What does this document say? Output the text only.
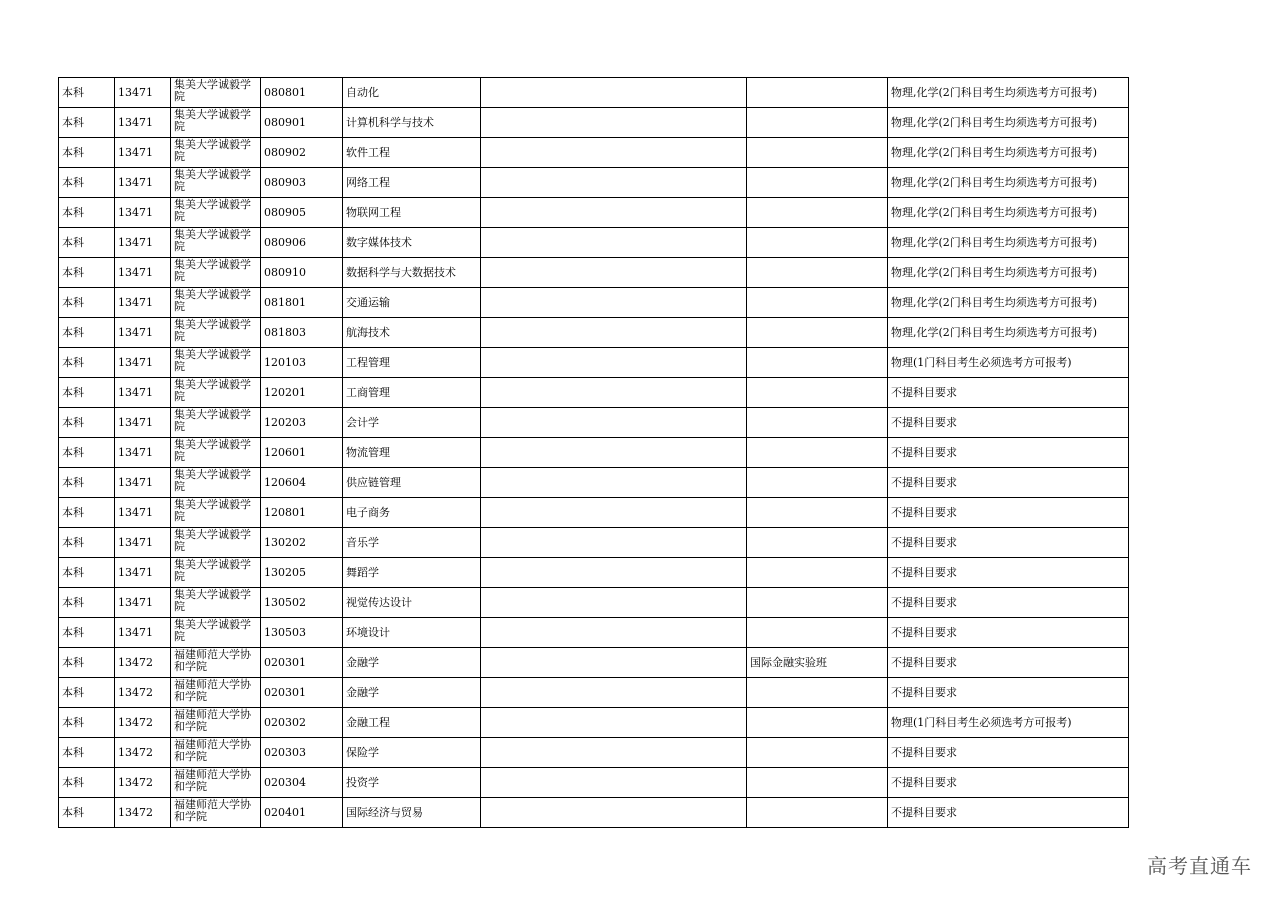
本科	13471	集美大学诚毅学院	080801	自动化			物理,化学(2门科目考生均须选考方可报考)
本科	13471	集美大学诚毅学院	080901	计算机科学与技术			物理,化学(2门科目考生均须选考方可报考)
本科	13471	集美大学诚毅学院	080902	软件工程			物理,化学(2门科目考生均须选考方可报考)
本科	13471	集美大学诚毅学院	080903	网络工程			物理,化学(2门科目考生均须选考方可报考)
本科	13471	集美大学诚毅学院	080905	物联网工程			物理,化学(2门科目考生均须选考方可报考)
本科	13471	集美大学诚毅学院	080906	数字媒体技术			物理,化学(2门科目考生均须选考方可报考)
本科	13471	集美大学诚毅学院	080910	数据科学与大数据技术			物理,化学(2门科目考生均须选考方可报考)
本科	13471	集美大学诚毅学院	081801	交通运输			物理,化学(2门科目考生均须选考方可报考)
本科	13471	集美大学诚毅学院	081803	航海技术			物理,化学(2门科目考生均须选考方可报考)
本科	13471	集美大学诚毅学院	120103	工程管理			物理(1门科目考生必须选考方可报考)
本科	13471	集美大学诚毅学院	120201	工商管理			不提科目要求
本科	13471	集美大学诚毅学院	120203	会计学			不提科目要求
本科	13471	集美大学诚毅学院	120601	物流管理			不提科目要求
本科	13471	集美大学诚毅学院	120604	供应链管理			不提科目要求
本科	13471	集美大学诚毅学院	120801	电子商务			不提科目要求
本科	13471	集美大学诚毅学院	130202	音乐学			不提科目要求
本科	13471	集美大学诚毅学院	130205	舞蹈学			不提科目要求
本科	13471	集美大学诚毅学院	130502	视觉传达设计			不提科目要求
本科	13471	集美大学诚毅学院	130503	环境设计			不提科目要求
本科	13472	福建师范大学协和学院	020301	金融学		国际金融实验班	不提科目要求
本科	13472	福建师范大学协和学院	020301	金融学			不提科目要求
本科	13472	福建师范大学协和学院	020302	金融工程			物理(1门科目考生必须选考方可报考)
本科	13472	福建师范大学协和学院	020303	保险学			不提科目要求
本科	13472	福建师范大学协和学院	020304	投资学			不提科目要求
本科	13472	福建师范大学协和学院	020401	国际经济与贸易			不提科目要求
高考直通车
